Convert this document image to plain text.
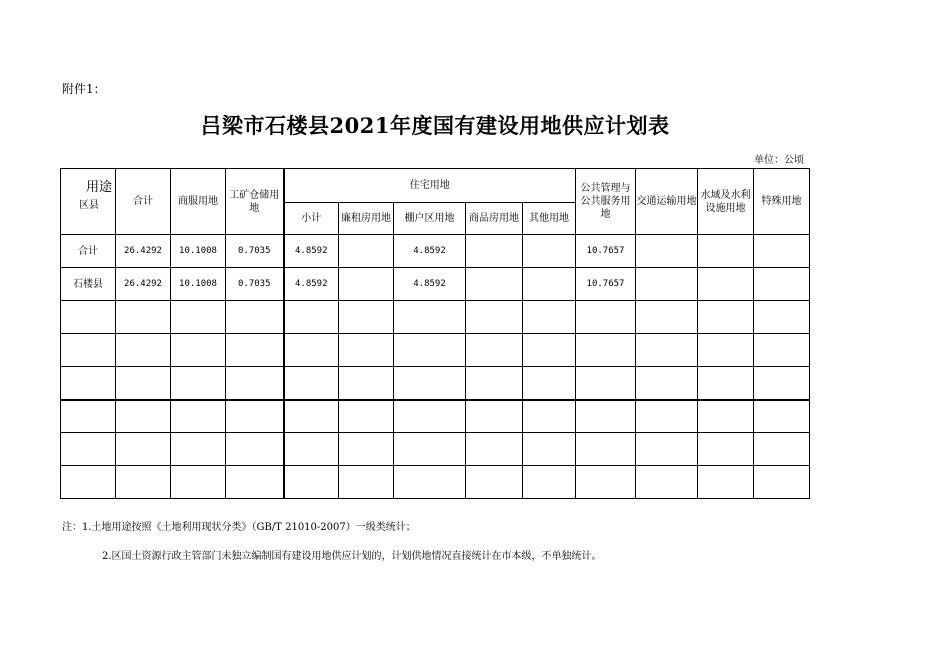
附件1：
吕梁市石楼县2021年度国有建设用地供应计划表
单位：公顷
用途
区县	合计	商服用地	工矿仓储用地	住宅用地					公共管理与公共服务用地	交通运输用地	水域及水利设施用地	特殊用地
				小计	廉租房用地	棚户区用地	商品房用地	其他用地				
合计	26.4292	10.1008	0.7035	4.8592		4.8592			10.7657			
石楼县	26.4292	10.1008	0.7035	4.8592		4.8592			10.7657			

注：1.土地用途按照《土地利用现状分类》（GB/T 21010-2007）一级类统计；
2.区国土资源行政主管部门未独立编制国有建设用地供应计划的，计划供地情况直接统计在市本级，不单独统计。
